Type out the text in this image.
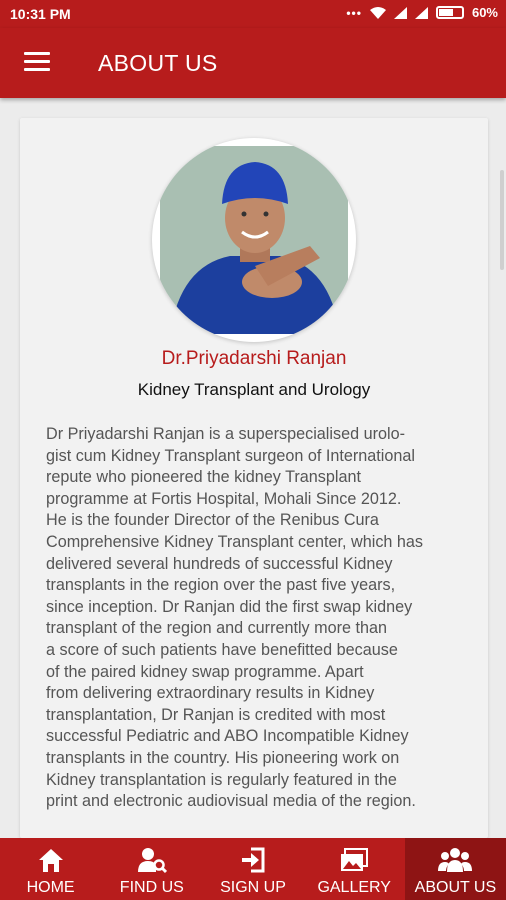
10:31 PM	•••	60%
ABOUT US
Dr.Priyadarshi Ranjan
Kidney Transplant and Urology
Dr Priyadarshi Ranjan is a superspecialised urolo-
gist cum Kidney Transplant surgeon of International
repute who pioneered the kidney Transplant
programme at Fortis Hospital, Mohali Since 2012.
He is the founder Director of the Renibus Cura
Comprehensive Kidney Transplant center, which has
delivered several hundreds of successful Kidney
transplants in the region over the past five years,
since inception. Dr Ranjan did the first swap kidney
transplant of the region and currently more than
a score of such patients have benefitted because
of the paired kidney swap programme. Apart
from delivering extraordinary results in Kidney
transplantation, Dr Ranjan is credited with most
successful Pediatric and ABO Incompatible Kidney
transplants in the country. His pioneering work on
Kidney transplantation is regularly featured in the
print and electronic audiovisual media of the region.
HOME	FIND US	SIGN UP	GALLERY	ABOUT US
